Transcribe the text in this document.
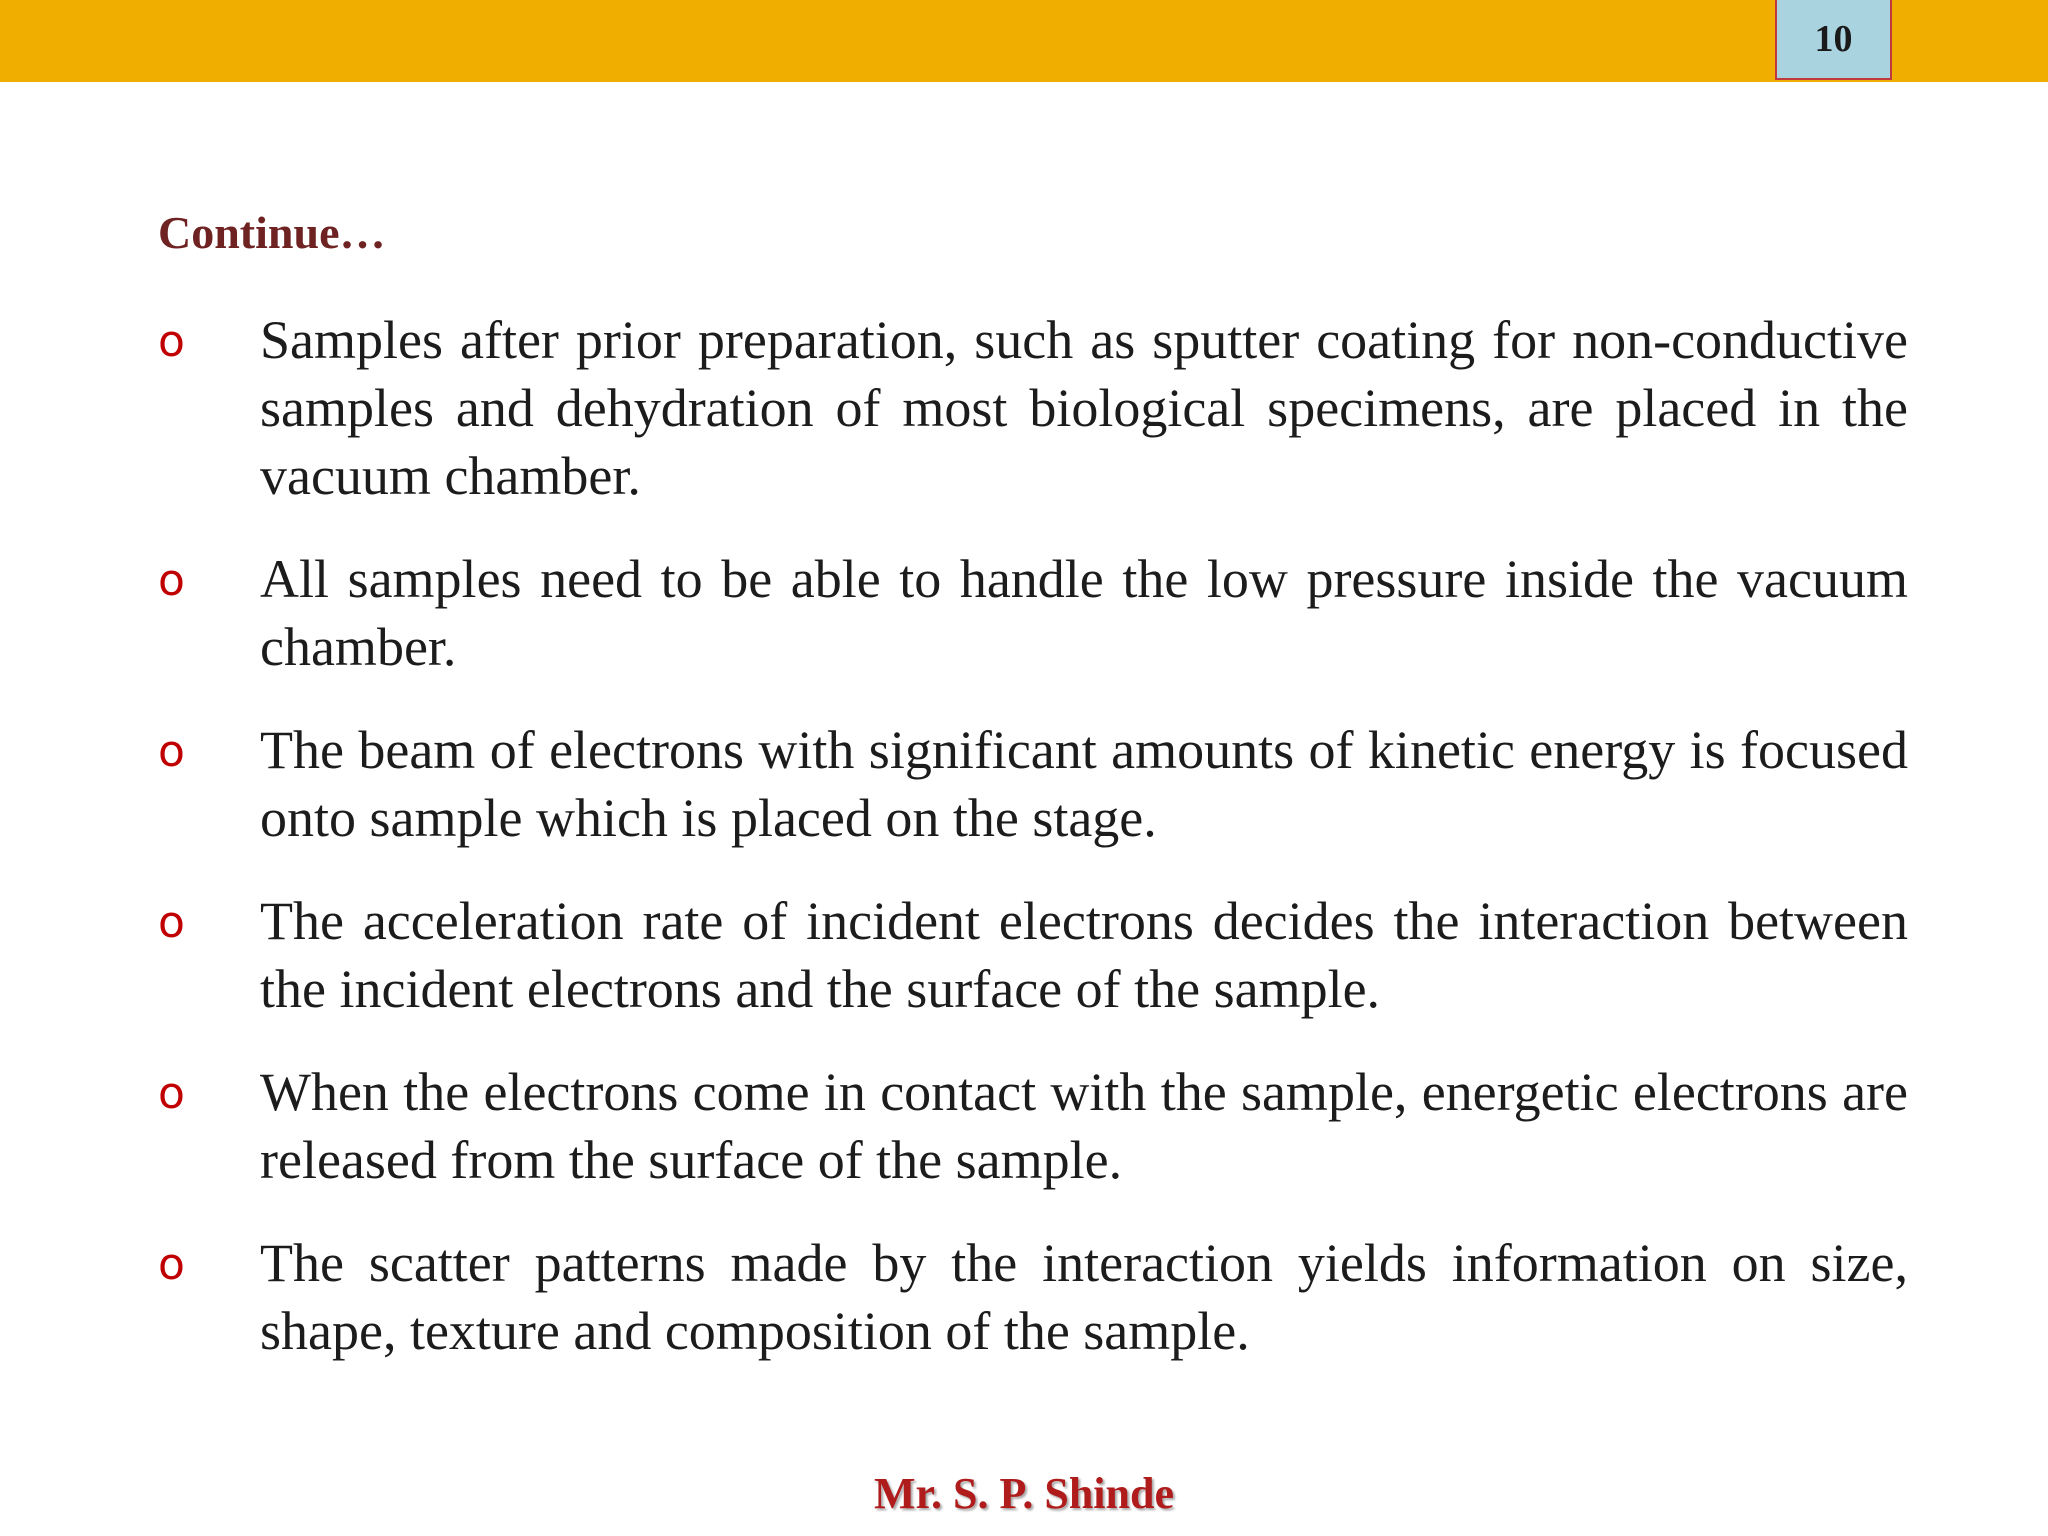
10
Continue…
o	Samples after prior preparation, such as sputter coating for non-conductive samples and dehydration of most biological specimens, are placed in the vacuum chamber.
o	All samples need to be able to handle the low pressure inside the vacuum chamber.
o	The beam of electrons with significant amounts of kinetic energy is focused onto sample which is placed on the stage.
o	The acceleration rate of incident electrons decides the interaction between the incident electrons and the surface of the sample.
o	When the electrons come in contact with the sample, energetic electrons are released from the surface of the sample.
o	The scatter patterns made by the interaction yields information on size, shape, texture and composition of the sample.
Mr. S. P. Shinde
